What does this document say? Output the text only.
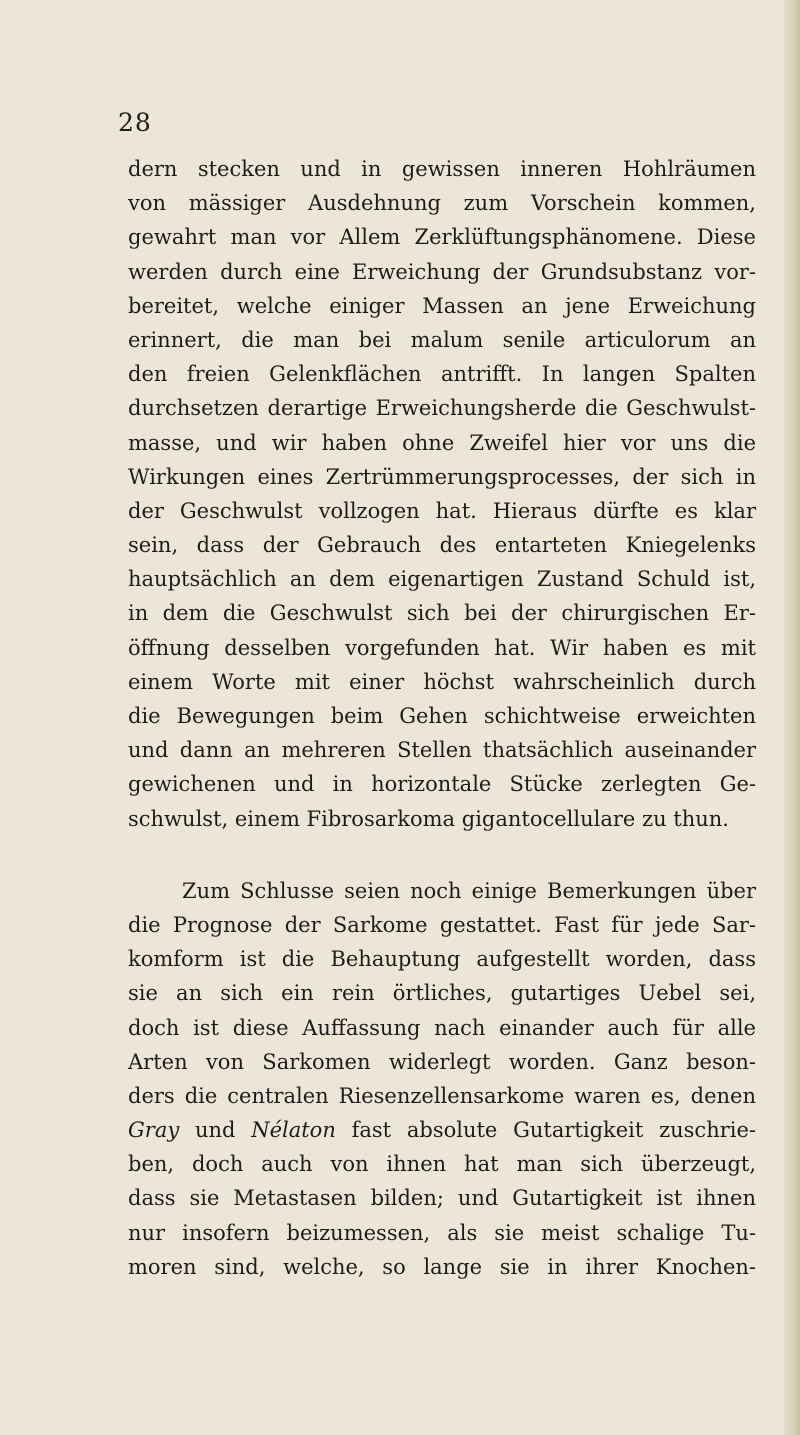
28
dern stecken und in gewissen inneren Hohlräumen
von mässiger Ausdehnung zum Vorschein kommen,
gewahrt man vor Allem Zerklüftungsphänomene. Diese
werden durch eine Erweichung der Grundsubstanz vor-
bereitet, welche einiger Massen an jene Erweichung
erinnert, die man bei malum senile articulorum an
den freien Gelenkflächen antrifft. In langen Spalten
durchsetzen derartige Erweichungsherde die Geschwulst-
masse, und wir haben ohne Zweifel hier vor uns die
Wirkungen eines Zertrümmerungsprocesses, der sich in
der Geschwulst vollzogen hat. Hieraus dürfte es klar
sein, dass der Gebrauch des entarteten Kniegelenks
hauptsächlich an dem eigenartigen Zustand Schuld ist,
in dem die Geschwulst sich bei der chirurgischen Er-
öffnung desselben vorgefunden hat. Wir haben es mit
einem Worte mit einer höchst wahrscheinlich durch
die Bewegungen beim Gehen schichtweise erweichten
und dann an mehreren Stellen thatsächlich auseinander
gewichenen und in horizontale Stücke zerlegten Ge-
schwulst, einem Fibrosarkoma gigantocellulare zu thun.
Zum Schlusse seien noch einige Bemerkungen über
die Prognose der Sarkome gestattet. Fast für jede Sar-
komform ist die Behauptung aufgestellt worden, dass
sie an sich ein rein örtliches, gutartiges Uebel sei,
doch ist diese Auffassung nach einander auch für alle
Arten von Sarkomen widerlegt worden. Ganz beson-
ders die centralen Riesenzellensarkome waren es, denen
Gray und Nélaton fast absolute Gutartigkeit zuschrie-
ben, doch auch von ihnen hat man sich überzeugt,
dass sie Metastasen bilden; und Gutartigkeit ist ihnen
nur insofern beizumessen, als sie meist schalige Tu-
moren sind, welche, so lange sie in ihrer Knochen-
